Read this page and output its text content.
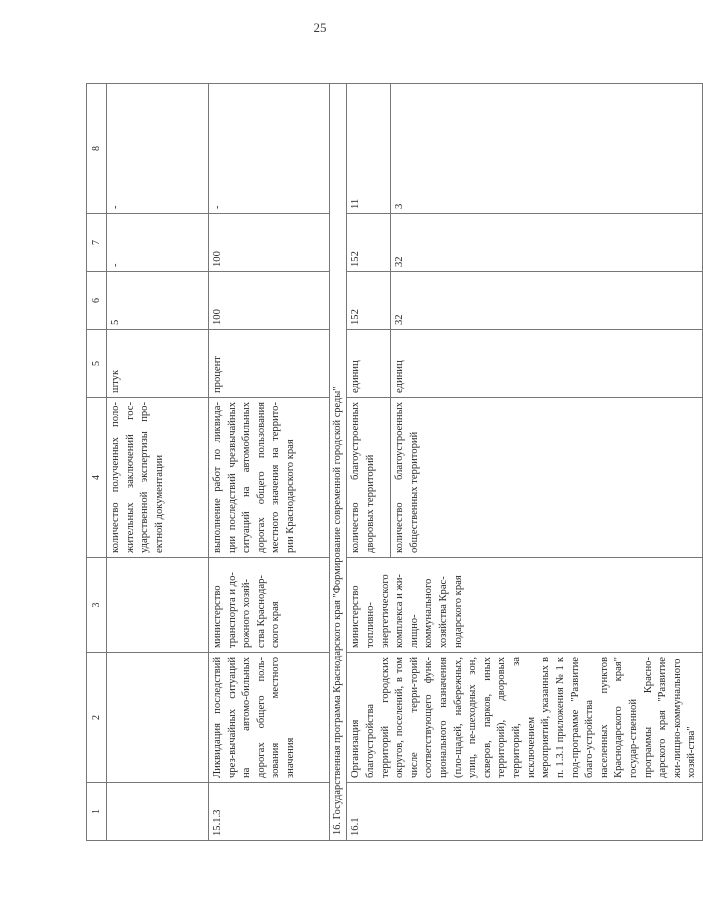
25
1	2	3	4	5	6	7	8
			количество полученных поло-жительных заключений гос-ударственной экспертизы про-ектной документации	штук	5	-	-
15.1.3	Ликвидация последствий чрез-вычайных ситуаций на автомо-бильных дорогах общего поль-зования местного значения	министерство транспорта и до-рожного хозяй-ства Краснодар-ского края	выполнение работ по ликвида-ции последствий чрезвычайных ситуаций на автомобильных дорогах общего пользования местного значения на террито-рии Краснодарского края	процент	100	100	-
16. Государственная программа Краснодарского края "Формирование современной городской среды"							
16.1	Организация благоустройства территорий городских округов, поселений, в том числе терри-торий соответствующего функ-ционального назначения (пло-щадей, набережных, улиц, пе-шеходных зон, скверов, парков, иных территорий), дворовых территорий, за исключением мероприятий, указанных в п. 1.3.1 приложения № 1 к под-программе "Развитие благо-устройства населенных пунктов Краснодарского края" государ-ственной программы Красно-дарского края "Развитие жи-лищно-коммунального хозяй-ства"	министерство топливно-энергетического комплекса и жи-лищно-коммунального хозяйства Крас-нодарского края	количество благоустроенных дворовых территорий	единиц	152	152	11
			количество благоустроенных общественных территорий	единиц	32	32	3
